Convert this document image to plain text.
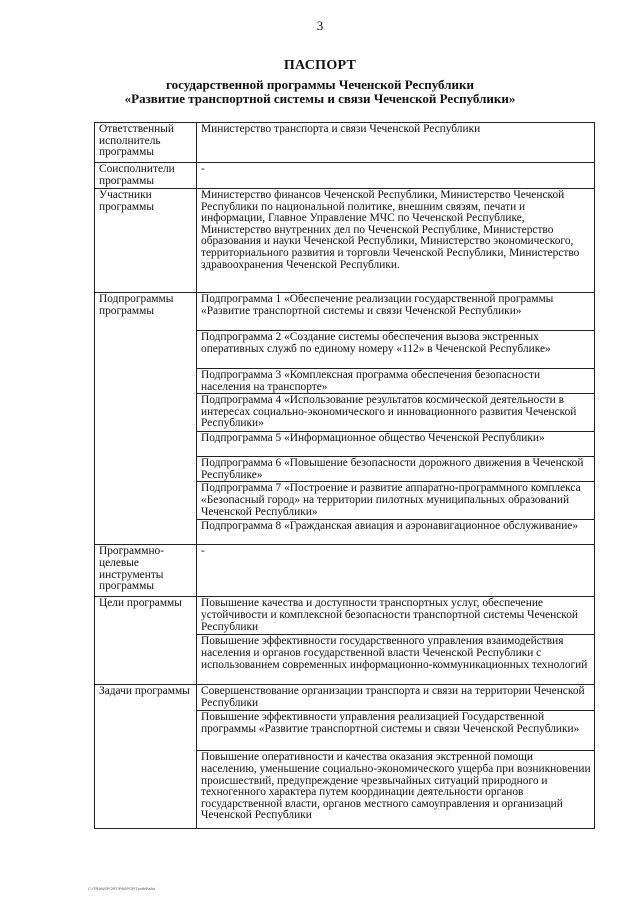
3
ПАСПОРТ
государственной программы Чеченской Республики
«Развитие транспортной системы и связи Чеченской Республики»
Ответственный исполнитель программы	Министерство транспорта и связи Чеченской Республики
Соисполнители программы	-
Участники программы	Министерство финансов Чеченской Республики, Министерство Чеченской Республики по национальной политике, внешним связям, печати и информации, Главное Управление МЧС по Чеченской Республике, Министерство внутренних дел по Чеченской Республике, Министерство образования и науки Чеченской Республики, Министерство экономического, территориального развития и торговли Чеченской Республики, Министерство здравоохранения Чеченской Республики.
Подпрограммы программы	Подпрограмма 1 «Обеспечение реализации государственной программы «Развитие транспортной системы и связи Чеченской Республики»
	Подпрограмма 2 «Создание системы обеспечения вызова экстренных оперативных служб по единому номеру «112» в Чеченской Республике»
	Подпрограмма 3 «Комплексная программа обеспечения безопасности населения на транспорте»
	Подпрограмма 4 «Использование результатов космической деятельности в интересах социально-экономического и инновационного развития Чеченской Республики»
	Подпрограмма 5 «Информационное общество Чеченской Республики»
	Подпрограмма 6 «Повышение безопасности дорожного движения в Чеченской Республике»
	Подпрограмма 7 «Построение и развитие аппаратно-программного комплекса «Безопасный город» на территории пилотных муниципальных образований Чеченской Республики»
	Подпрограмма 8 «Гражданская авиация и аэронавигационное обслуживание»
Программно-целевые инструменты программы	-
Цели программы	Повышение качества и доступности транспортных услуг, обеспечение устойчивости и комплексной безопасности транспортной системы Чеченской Республики
	Повышение эффективности государственного управления взаимодействия населения и органов государственной власти Чеченской Республики с использованием современных информационно-коммуникационных технологий
Задачи программы	Совершенствование организации транспорта и связи на территории Чеченской Республики
	Повышение эффективности управления реализацией Государственной программы «Развитие транспортной системы и связи Чеченской Республики»
	Повышение оперативности и качества оказания экстренной помощи населению, уменьшение социально-экономического ущерба при возникновении происшествий, предупреждение чрезвычайных ситуаций природного и техногенного характера путем координации деятельности органов государственной власти, органов местного самоуправления и организаций Чеченской Республики
С:\TRANSPORT\PASPORT.pdf•Файл
